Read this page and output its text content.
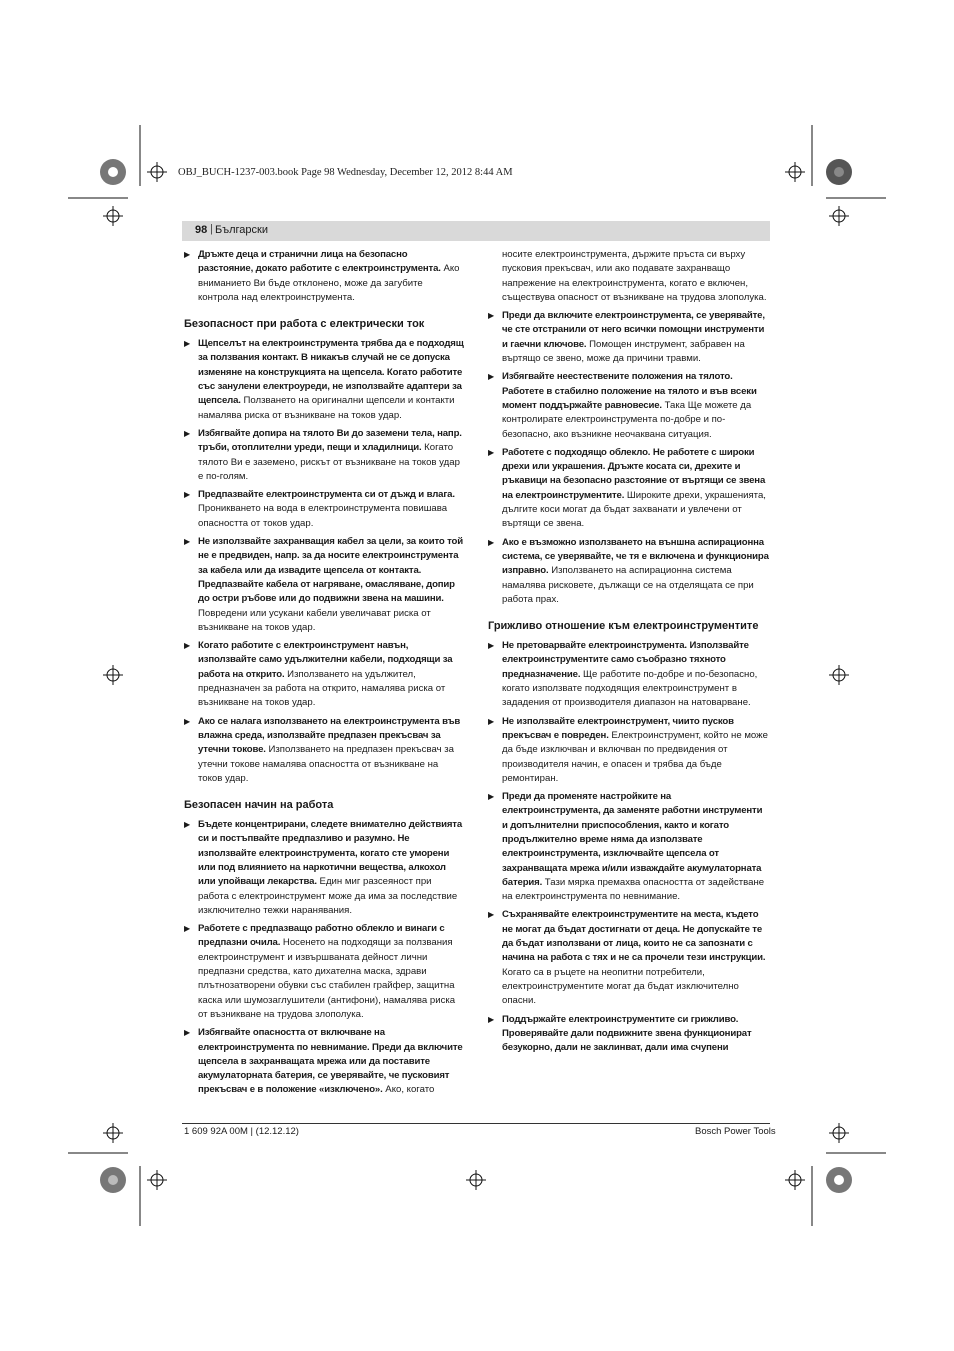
OBJ_BUCH-1237-003.book Page 98 Wednesday, December 12, 2012 8:44 AM
98 | Български
▶ Дръжте деца и странични лица на безопасно разстояние, докато работите с електроинструмента. Ако вниманието Ви бъде отклонено, може да загубите контрола над електроинструмента.
Безопасност при работа с електрически ток
▶ Щепселът на електроинструмента трябва да е подходящ за ползвания контакт. В никакъв случай не се допуска изменяне на конструкцията на щепсела. Когато работите със занулени електроуреди, не използвайте адаптери за щепсела. Ползването на оригинални щепсели и контакти намалява риска от възникване на токов удар.
▶ Избягвайте допира на тялото Ви до заземени тела, напр. тръби, отоплителни уреди, пещи и хладилници. Когато тялото Ви е заземено, рискът от възникване на токов удар е по-голям.
▶ Предпазвайте електроинструмента си от дъжд и влага. Проникването на вода в електроинструмента повишава опасността от токов удар.
▶ Не използвайте захранващия кабел за цели, за които той не е предвиден, напр. за да носите електроинструмента за кабела или да извадите щепсела от контакта. Предпазвайте кабела от нагряване, омасляване, допир до остри ръбове или до подвижни звена на машини. Повредени или усукани кабели увеличават риска от възникване на токов удар.
▶ Когато работите с електроинструмент навън, използвайте само удължителни кабели, подходящи за работа на открито. Използването на удължител, предназначен за работа на открито, намалява риска от възникване на токов удар.
▶ Ако се налага използването на електроинструмента във влажна среда, използвайте предпазен прекъсвач за утечни токове. Използването на предпазен прекъсвач за утечни токове намалява опасността от възникване на токов удар.
Безопасен начин на работа
▶ Бъдете концентрирани, следете внимателно действията си и постъпвайте предпазливо и разумно. Не използвайте електроинструмента, когато сте уморени или под влиянието на наркотични вещества, алкохол или упойващи лекарства. Един миг разсеяност при работа с електроинструмент може да има за последствие изключително тежки наранявания.
▶ Работете с предпазващо работно облекло и винаги с предпазни очила. Носенето на подходящи за ползвания електроинструмент и извършваната дейност лични предпазни средства, като дихателна маска, здрави плътнозатворени обувки със стабилен грайфер, защитна каска или шумозаглушители (антифони), намалява риска от възникване на трудова злополука.
▶ Избягвайте опасността от включване на електроинструмента по невнимание. Преди да включите щепсела в захранващата мрежа или да поставите акумулаторната батерия, се уверявайте, че пусковият прекъсвач е в положение «изключено». Ако, когато
носите електроинструмента, държите пръста си върху пусковия прекъсвач, или ако подавате захранващо напрежение на електроинструмента, когато е включен, съществува опасност от възникване на трудова злополука.
▶ Преди да включите електроинструмента, се уверявайте, че сте отстранили от него всички помощни инструменти и гаечни ключове. Помощен инструмент, забравен на въртящо се звено, може да причини травми.
▶ Избягвайте неестествените положения на тялото. Работете в стабилно положение на тялото и във всеки момент поддържайте равновесие. Така Ще можете да контролирате електроинструмента по-добре и по-безопасно, ако възникне неочаквана ситуация.
▶ Работете с подходящо облекло. Не работете с широки дрехи или украшения. Дръжте косата си, дрехите и ръкавици на безопасно разстояние от въртящи се звена на електроинструментите. Широките дрехи, украшенията, дългите коси могат да бъдат захванати и увлечени от въртящи се звена.
▶ Ако е възможно използването на външна аспирационна система, се уверявайте, че тя е включена и функционира изправно. Използването на аспирационна система намалява рисковете, дължащи се на отделящата се при работа прах.
Грижливо отношение към електроинструментите
▶ Не претоварвайте електроинструмента. Използвайте електроинструментите само съобразно тяхното предназначение. Ще работите по-добре и по-безопасно, когато използвате подходящия електроинструмент в зададения от производителя диапазон на натоварване.
▶ Не използвайте електроинструмент, чиито пусков прекъсвач е повреден. Електроинструмент, който не може да бъде изключван и включван по предвидения от производителя начин, е опасен и трябва да бъде ремонтиран.
▶ Преди да променяте настройките на електроинструмента, да заменяте работни инструменти и допълнителни приспособления, както и когато продължително време няма да използвате електроинструмента, изключвайте щепсела от захранващата мрежа и/или изваждайте акумулаторната батерия. Тази мярка премахва опасността от задействане на електроинструмента по невнимание.
▶ Съхранявайте електроинструментите на места, където не могат да бъдат достигнати от деца. Не допускайте те да бъдат използвани от лица, които не са запознати с начина на работа с тях и не са прочели тези инструкции. Когато са в ръцете на неопитни потребители, електроинструментите могат да бъдат изключително опасни.
▶ Поддържайте електроинструментите си грижливо. Проверявайте дали подвижните звена функционират безукорно, дали не заклинват, дали има счупени
1 609 92A 00M | (12.12.12)	Bosch Power Tools
